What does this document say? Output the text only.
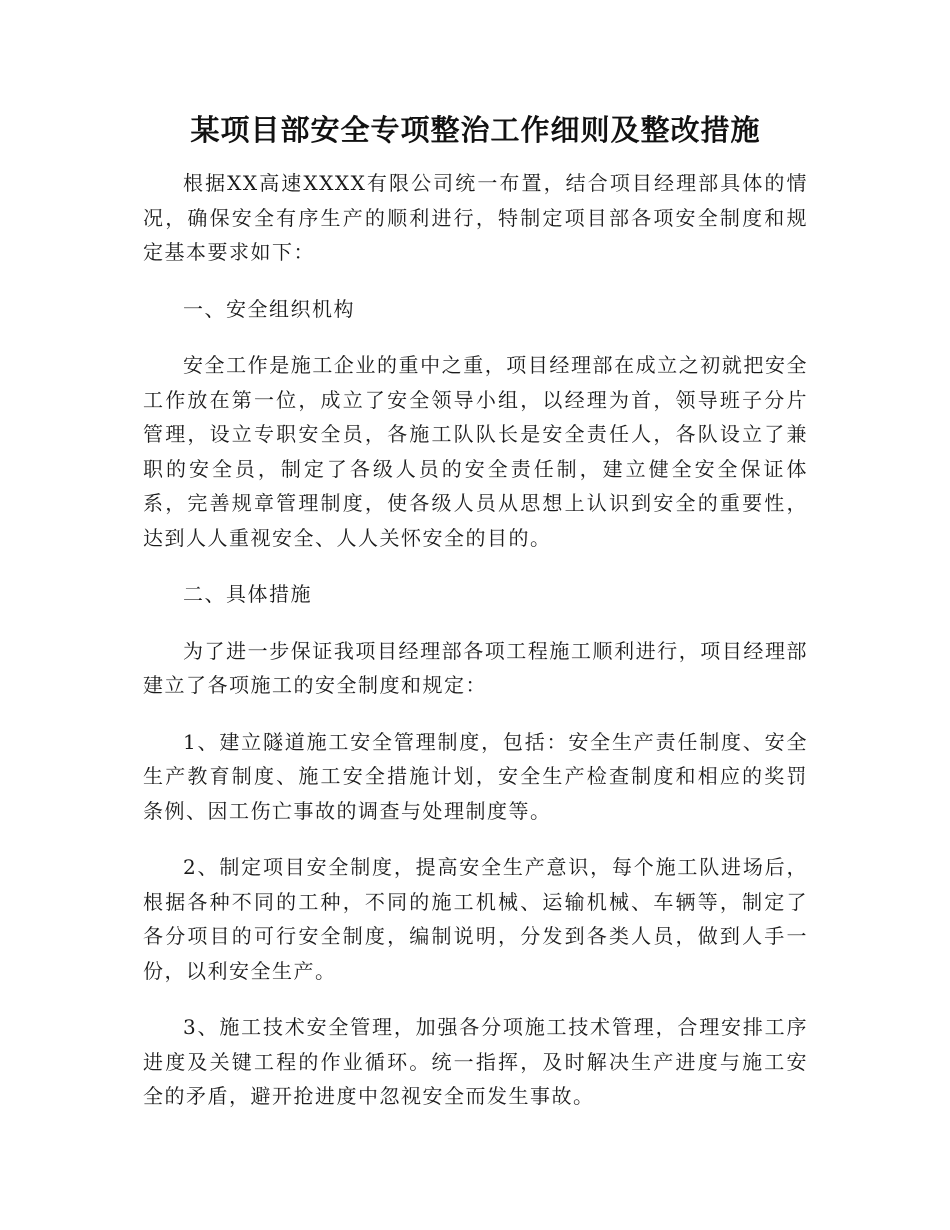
某项目部安全专项整治工作细则及整改措施

根据XX高速XXXX有限公司统一布置，结合项目经理部具体的情况，确保安全有序生产的顺利进行，特制定项目部各项安全制度和规定基本要求如下：

一、安全组织机构

安全工作是施工企业的重中之重，项目经理部在成立之初就把安全工作放在第一位，成立了安全领导小组，以经理为首，领导班子分片管理，设立专职安全员，各施工队队长是安全责任人，各队设立了兼职的安全员，制定了各级人员的安全责任制，建立健全安全保证体系，完善规章管理制度，使各级人员从思想上认识到安全的重要性，达到人人重视安全、人人关怀安全的目的。

二、具体措施

为了进一步保证我项目经理部各项工程施工顺利进行，项目经理部建立了各项施工的安全制度和规定：

1、建立隧道施工安全管理制度，包括：安全生产责任制度、安全生产教育制度、施工安全措施计划，安全生产检查制度和相应的奖罚条例、因工伤亡事故的调查与处理制度等。

2、制定项目安全制度，提高安全生产意识，每个施工队进场后，根据各种不同的工种，不同的施工机械、运输机械、车辆等，制定了各分项目的可行安全制度，编制说明，分发到各类人员，做到人手一份，以利安全生产。

3、施工技术安全管理，加强各分项施工技术管理，合理安排工序进度及关键工程的作业循环。统一指挥，及时解决生产进度与施工安全的矛盾，避开抢进度中忽视安全而发生事故。
